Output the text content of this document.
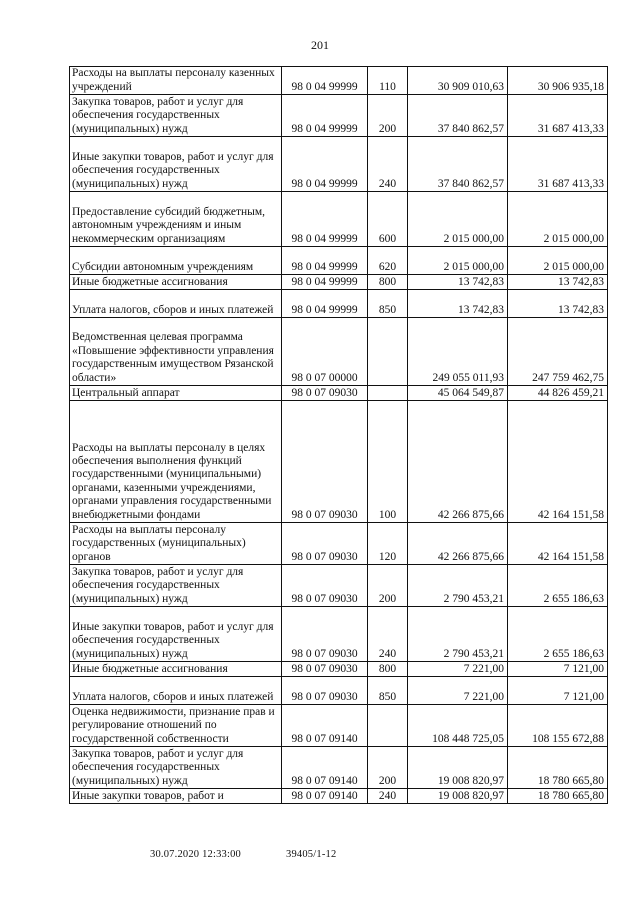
201
Расходы на выплаты персоналу казенных учреждений	98 0 04 99999	110	30 909 010,63	30 906 935,18
Закупка товаров, работ и услуг для обеспечения государственных (муниципальных) нужд	98 0 04 99999	200	37 840 862,57	31 687 413,33
Иные закупки товаров, работ и услуг для обеспечения государственных (муниципальных) нужд	98 0 04 99999	240	37 840 862,57	31 687 413,33
Предоставление субсидий бюджетным, автономным учреждениям и иным некоммерческим организациям	98 0 04 99999	600	2 015 000,00	2 015 000,00
Субсидии автономным учреждениям	98 0 04 99999	620	2 015 000,00	2 015 000,00
Иные бюджетные ассигнования	98 0 04 99999	800	13 742,83	13 742,83
Уплата налогов, сборов и иных платежей	98 0 04 99999	850	13 742,83	13 742,83
Ведомственная целевая программа «Повышение эффективности управления государственным имуществом Рязанской области»	98 0 07 00000		249 055 011,93	247 759 462,75
Центральный аппарат	98 0 07 09030		45 064 549,87	44 826 459,21
Расходы на выплаты персоналу в целях обеспечения выполнения функций государственными (муниципальными) органами, казенными учреждениями, органами управления государственными внебюджетными фондами	98 0 07 09030	100	42 266 875,66	42 164 151,58
Расходы на выплаты персоналу государственных (муниципальных) органов	98 0 07 09030	120	42 266 875,66	42 164 151,58
Закупка товаров, работ и услуг для обеспечения государственных (муниципальных) нужд	98 0 07 09030	200	2 790 453,21	2 655 186,63
Иные закупки товаров, работ и услуг для обеспечения государственных (муниципальных) нужд	98 0 07 09030	240	2 790 453,21	2 655 186,63
Иные бюджетные ассигнования	98 0 07 09030	800	7 221,00	7 121,00
Уплата налогов, сборов и иных платежей	98 0 07 09030	850	7 221,00	7 121,00
Оценка недвижимости, признание прав и регулирование отношений по государственной собственности	98 0 07 09140		108 448 725,05	108 155 672,88
Закупка товаров, работ и услуг для обеспечения государственных (муниципальных) нужд	98 0 07 09140	200	19 008 820,97	18 780 665,80
Иные закупки товаров, работ и	98 0 07 09140	240	19 008 820,97	18 780 665,80
30.07.2020 12:33:00	39405/1-12
